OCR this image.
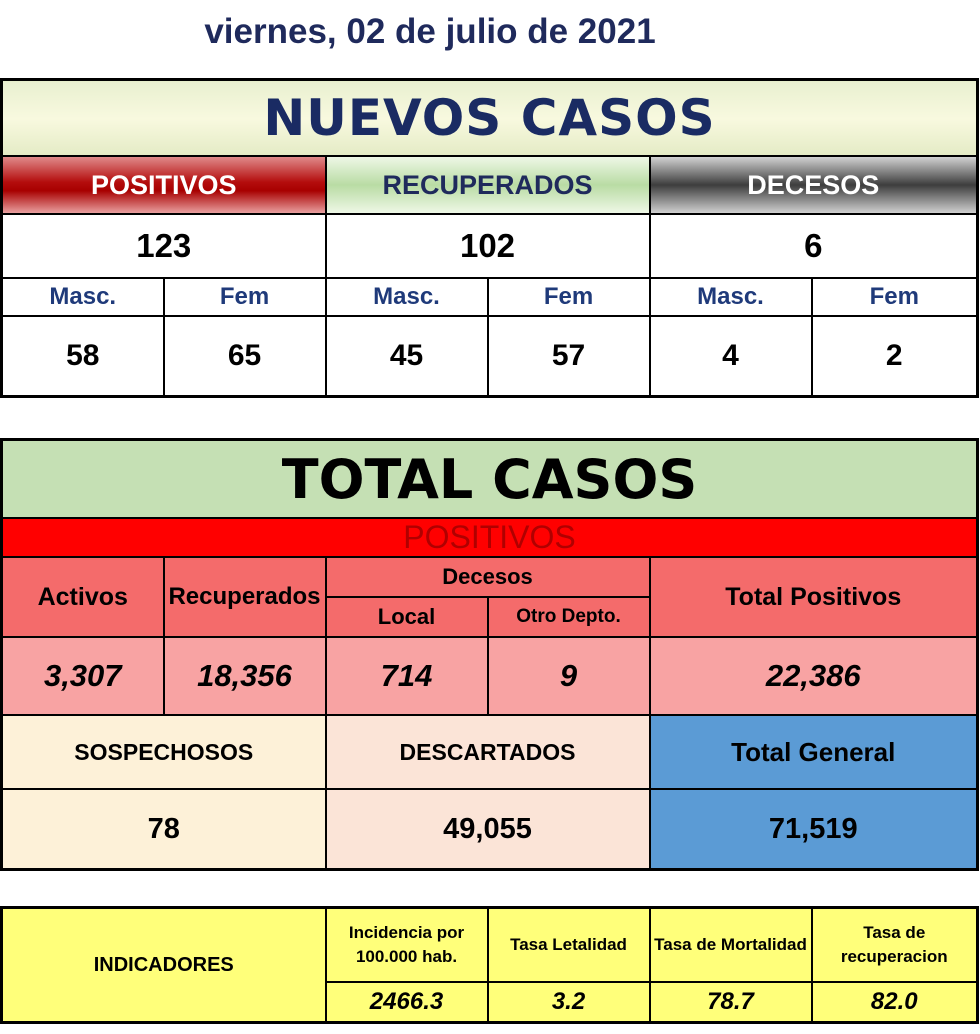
viernes, 02 de julio de 2021
NUEVOS CASOS					
POSITIVOS		RECUPERADOS		DECESOS	
123		102		6	
Masc.	Fem	Masc.	Fem	Masc.	Fem
58	65	45	57	4	2
TOTAL CASOS				
POSITIVOS				
Activos	Recuperados	Decesos		Total Positivos
		Local	Otro Depto.	
3,307	18,356	714	9	22,386
SOSPECHOSOS		DESCARTADOS		Total General
78		49,055		71,519
INDICADORES	Incidencia por 100.000 hab.	Tasa Letalidad	Tasa de Mortalidad	Tasa de recuperacion
	2466.3	3.2	78.7	82.0
